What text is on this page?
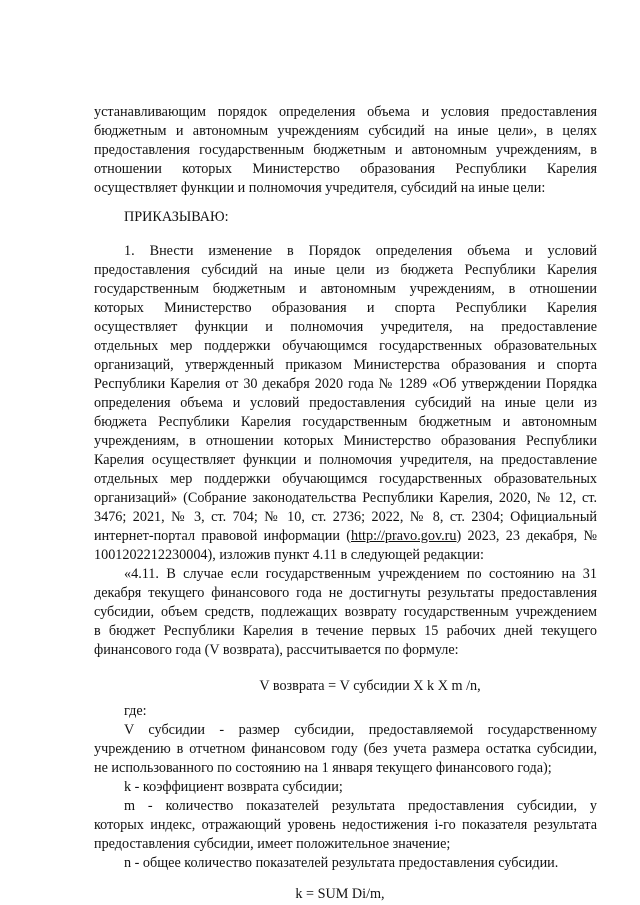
устанавливающим порядок определения объема и условия предоставления
бюджетным и автономным учреждениям субсидий на иные цели», в целях
предоставления государственным бюджетным и автономным учреждениям, в
отношении которых Министерство образования Республики Карелия
осуществляет функции и полномочия учредителя, субсидий на иные цели:
ПРИКАЗЫВАЮ:
1. Внести изменение в Порядок определения объема и условий
предоставления субсидий на иные цели из бюджета Республики Карелия
государственным бюджетным и автономным учреждениям, в отношении
которых Министерство образования и спорта Республики Карелия
осуществляет функции и полномочия учредителя, на предоставление
отдельных мер поддержки обучающимся государственных образовательных
организаций, утвержденный приказом Министерства образования и спорта
Республики Карелия от 30 декабря 2020 года № 1289 «Об утверждении Порядка
определения объема и условий предоставления субсидий на иные цели из
бюджета Республики Карелия государственным бюджетным и автономным
учреждениям, в отношении которых Министерство образования Республики
Карелия осуществляет функции и полномочия учредителя, на предоставление
отдельных мер поддержки обучающимся государственных образовательных
организаций» (Собрание законодательства Республики Карелия, 2020, № 12, ст.
3476; 2021, № 3, ст. 704; № 10, ст. 2736; 2022, № 8, ст. 2304; Официальный
интернет-портал правовой информации (http://pravo.gov.ru) 2023, 23 декабря, №
1001202212230004), изложив пункт 4.11 в следующей редакции:
«4.11. В случае если государственным учреждением по состоянию на 31
декабря текущего финансового года не достигнуты результаты предоставления
субсидии, объем средств, подлежащих возврату государственным учреждением
в бюджет Республики Карелия в течение первых 15 рабочих дней текущего
финансового года (V возврата), рассчитывается по формуле:
V возврата = V субсидии X k X m /n,
где:
V субсидии - размер субсидии, предоставляемой государственному
учреждению в отчетном финансовом году (без учета размера остатка субсидии,
не использованного по состоянию на 1 января текущего финансового года);
k - коэффициент возврата субсидии;
m - количество показателей результата предоставления субсидии, у
которых индекс, отражающий уровень недостижения i-го показателя результата
предоставления субсидии, имеет положительное значение;
n - общее количество показателей результата предоставления субсидии.
k = SUM Di/m,
